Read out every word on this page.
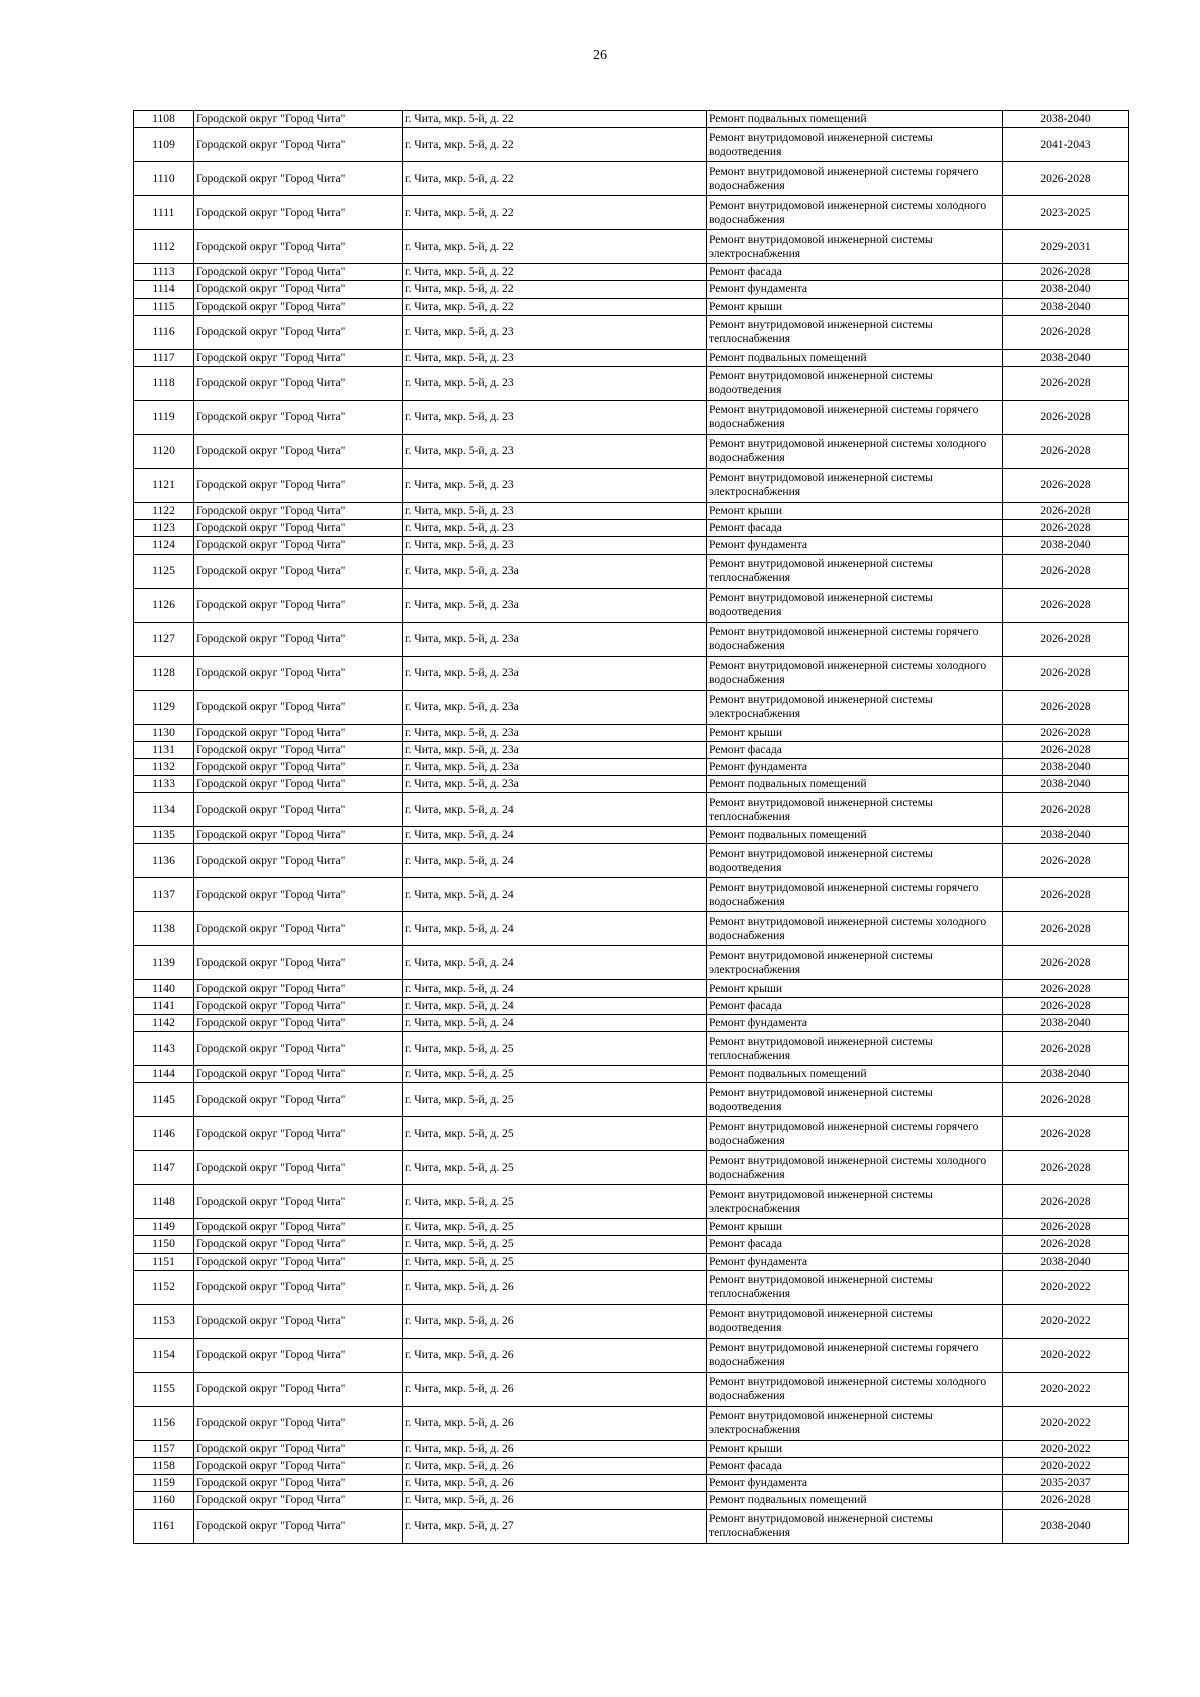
26
1108	Городской округ "Город Чита"	г. Чита, мкр. 5-й, д. 22	Ремонт подвальных помещений	2038-2040
1109	Городской округ "Город Чита"	г. Чита, мкр. 5-й, д. 22	Ремонт внутридомовой инженерной системы водоотведения	2041-2043
1110	Городской округ "Город Чита"	г. Чита, мкр. 5-й, д. 22	Ремонт внутридомовой инженерной системы горячего водоснабжения	2026-2028
1111	Городской округ "Город Чита"	г. Чита, мкр. 5-й, д. 22	Ремонт внутридомовой инженерной системы холодного водоснабжения	2023-2025
1112	Городской округ "Город Чита"	г. Чита, мкр. 5-й, д. 22	Ремонт внутридомовой инженерной системы электроснабжения	2029-2031
1113	Городской округ "Город Чита"	г. Чита, мкр. 5-й, д. 22	Ремонт фасада	2026-2028
1114	Городской округ "Город Чита"	г. Чита, мкр. 5-й, д. 22	Ремонт фундамента	2038-2040
1115	Городской округ "Город Чита"	г. Чита, мкр. 5-й, д. 22	Ремонт крыши	2038-2040
1116	Городской округ "Город Чита"	г. Чита, мкр. 5-й, д. 23	Ремонт внутридомовой инженерной системы теплоснабжения	2026-2028
1117	Городской округ "Город Чита"	г. Чита, мкр. 5-й, д. 23	Ремонт подвальных помещений	2038-2040
1118	Городской округ "Город Чита"	г. Чита, мкр. 5-й, д. 23	Ремонт внутридомовой инженерной системы водоотведения	2026-2028
1119	Городской округ "Город Чита"	г. Чита, мкр. 5-й, д. 23	Ремонт внутридомовой инженерной системы горячего водоснабжения	2026-2028
1120	Городской округ "Город Чита"	г. Чита, мкр. 5-й, д. 23	Ремонт внутридомовой инженерной системы холодного водоснабжения	2026-2028
1121	Городской округ "Город Чита"	г. Чита, мкр. 5-й, д. 23	Ремонт внутридомовой инженерной системы электроснабжения	2026-2028
1122	Городской округ "Город Чита"	г. Чита, мкр. 5-й, д. 23	Ремонт крыши	2026-2028
1123	Городской округ "Город Чита"	г. Чита, мкр. 5-й, д. 23	Ремонт фасада	2026-2028
1124	Городской округ "Город Чита"	г. Чита, мкр. 5-й, д. 23	Ремонт фундамента	2038-2040
1125	Городской округ "Город Чита"	г. Чита, мкр. 5-й, д. 23а	Ремонт внутридомовой инженерной системы теплоснабжения	2026-2028
1126	Городской округ "Город Чита"	г. Чита, мкр. 5-й, д. 23а	Ремонт внутридомовой инженерной системы водоотведения	2026-2028
1127	Городской округ "Город Чита"	г. Чита, мкр. 5-й, д. 23а	Ремонт внутридомовой инженерной системы горячего водоснабжения	2026-2028
1128	Городской округ "Город Чита"	г. Чита, мкр. 5-й, д. 23а	Ремонт внутридомовой инженерной системы холодного водоснабжения	2026-2028
1129	Городской округ "Город Чита"	г. Чита, мкр. 5-й, д. 23а	Ремонт внутридомовой инженерной системы электроснабжения	2026-2028
1130	Городской округ "Город Чита"	г. Чита, мкр. 5-й, д. 23а	Ремонт крыши	2026-2028
1131	Городской округ "Город Чита"	г. Чита, мкр. 5-й, д. 23а	Ремонт фасада	2026-2028
1132	Городской округ "Город Чита"	г. Чита, мкр. 5-й, д. 23а	Ремонт фундамента	2038-2040
1133	Городской округ "Город Чита"	г. Чита, мкр. 5-й, д. 23а	Ремонт подвальных помещений	2038-2040
1134	Городской округ "Город Чита"	г. Чита, мкр. 5-й, д. 24	Ремонт внутридомовой инженерной системы теплоснабжения	2026-2028
1135	Городской округ "Город Чита"	г. Чита, мкр. 5-й, д. 24	Ремонт подвальных помещений	2038-2040
1136	Городской округ "Город Чита"	г. Чита, мкр. 5-й, д. 24	Ремонт внутридомовой инженерной системы водоотведения	2026-2028
1137	Городской округ "Город Чита"	г. Чита, мкр. 5-й, д. 24	Ремонт внутридомовой инженерной системы горячего водоснабжения	2026-2028
1138	Городской округ "Город Чита"	г. Чита, мкр. 5-й, д. 24	Ремонт внутридомовой инженерной системы холодного водоснабжения	2026-2028
1139	Городской округ "Город Чита"	г. Чита, мкр. 5-й, д. 24	Ремонт внутридомовой инженерной системы электроснабжения	2026-2028
1140	Городской округ "Город Чита"	г. Чита, мкр. 5-й, д. 24	Ремонт крыши	2026-2028
1141	Городской округ "Город Чита"	г. Чита, мкр. 5-й, д. 24	Ремонт фасада	2026-2028
1142	Городской округ "Город Чита"	г. Чита, мкр. 5-й, д. 24	Ремонт фундамента	2038-2040
1143	Городской округ "Город Чита"	г. Чита, мкр. 5-й, д. 25	Ремонт внутридомовой инженерной системы теплоснабжения	2026-2028
1144	Городской округ "Город Чита"	г. Чита, мкр. 5-й, д. 25	Ремонт подвальных помещений	2038-2040
1145	Городской округ "Город Чита"	г. Чита, мкр. 5-й, д. 25	Ремонт внутридомовой инженерной системы водоотведения	2026-2028
1146	Городской округ "Город Чита"	г. Чита, мкр. 5-й, д. 25	Ремонт внутридомовой инженерной системы горячего водоснабжения	2026-2028
1147	Городской округ "Город Чита"	г. Чита, мкр. 5-й, д. 25	Ремонт внутридомовой инженерной системы холодного водоснабжения	2026-2028
1148	Городской округ "Город Чита"	г. Чита, мкр. 5-й, д. 25	Ремонт внутридомовой инженерной системы электроснабжения	2026-2028
1149	Городской округ "Город Чита"	г. Чита, мкр. 5-й, д. 25	Ремонт крыши	2026-2028
1150	Городской округ "Город Чита"	г. Чита, мкр. 5-й, д. 25	Ремонт фасада	2026-2028
1151	Городской округ "Город Чита"	г. Чита, мкр. 5-й, д. 25	Ремонт фундамента	2038-2040
1152	Городской округ "Город Чита"	г. Чита, мкр. 5-й, д. 26	Ремонт внутридомовой инженерной системы теплоснабжения	2020-2022
1153	Городской округ "Город Чита"	г. Чита, мкр. 5-й, д. 26	Ремонт внутридомовой инженерной системы водоотведения	2020-2022
1154	Городской округ "Город Чита"	г. Чита, мкр. 5-й, д. 26	Ремонт внутридомовой инженерной системы горячего водоснабжения	2020-2022
1155	Городской округ "Город Чита"	г. Чита, мкр. 5-й, д. 26	Ремонт внутридомовой инженерной системы холодного водоснабжения	2020-2022
1156	Городской округ "Город Чита"	г. Чита, мкр. 5-й, д. 26	Ремонт внутридомовой инженерной системы электроснабжения	2020-2022
1157	Городской округ "Город Чита"	г. Чита, мкр. 5-й, д. 26	Ремонт крыши	2020-2022
1158	Городской округ "Город Чита"	г. Чита, мкр. 5-й, д. 26	Ремонт фасада	2020-2022
1159	Городской округ "Город Чита"	г. Чита, мкр. 5-й, д. 26	Ремонт фундамента	2035-2037
1160	Городской округ "Город Чита"	г. Чита, мкр. 5-й, д. 26	Ремонт подвальных помещений	2026-2028
1161	Городской округ "Город Чита"	г. Чита, мкр. 5-й, д. 27	Ремонт внутридомовой инженерной системы теплоснабжения	2038-2040
